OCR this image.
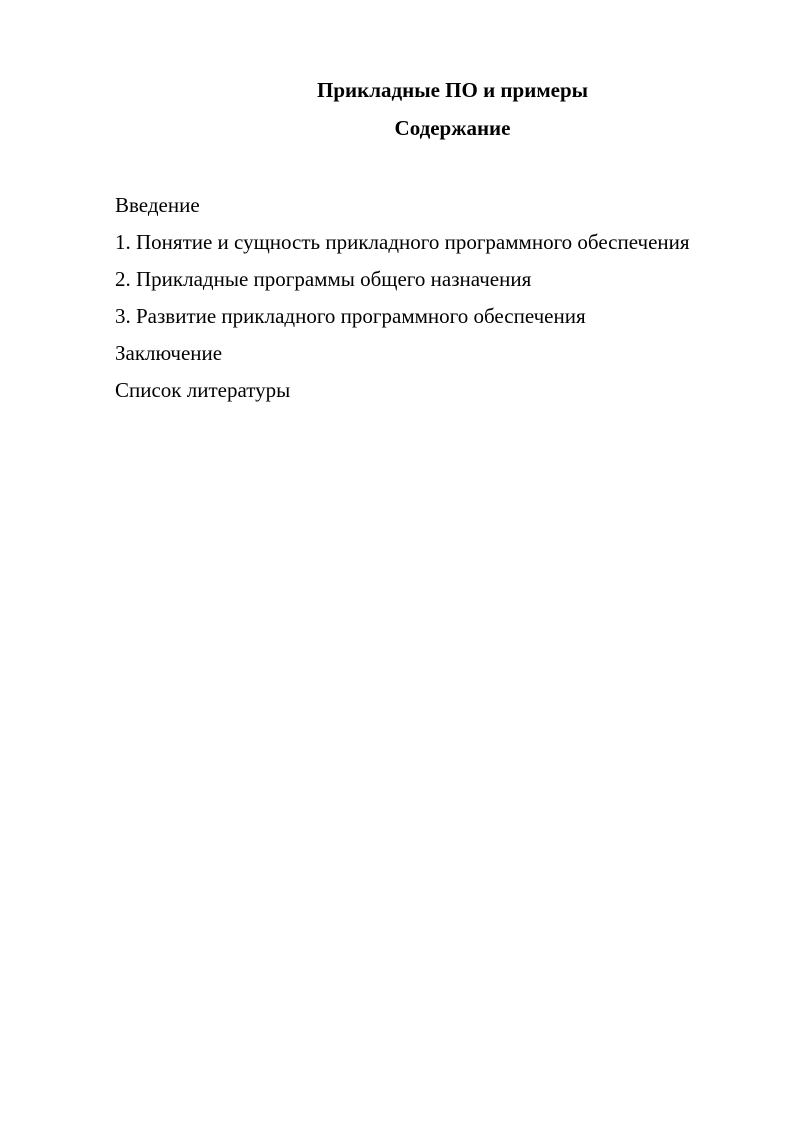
Прикладные ПО и примеры
Содержание
Введение
1. Понятие и сущность прикладного программного обеспечения
2. Прикладные программы общего назначения
3. Развитие прикладного программного обеспечения
Заключение
Список литературы
